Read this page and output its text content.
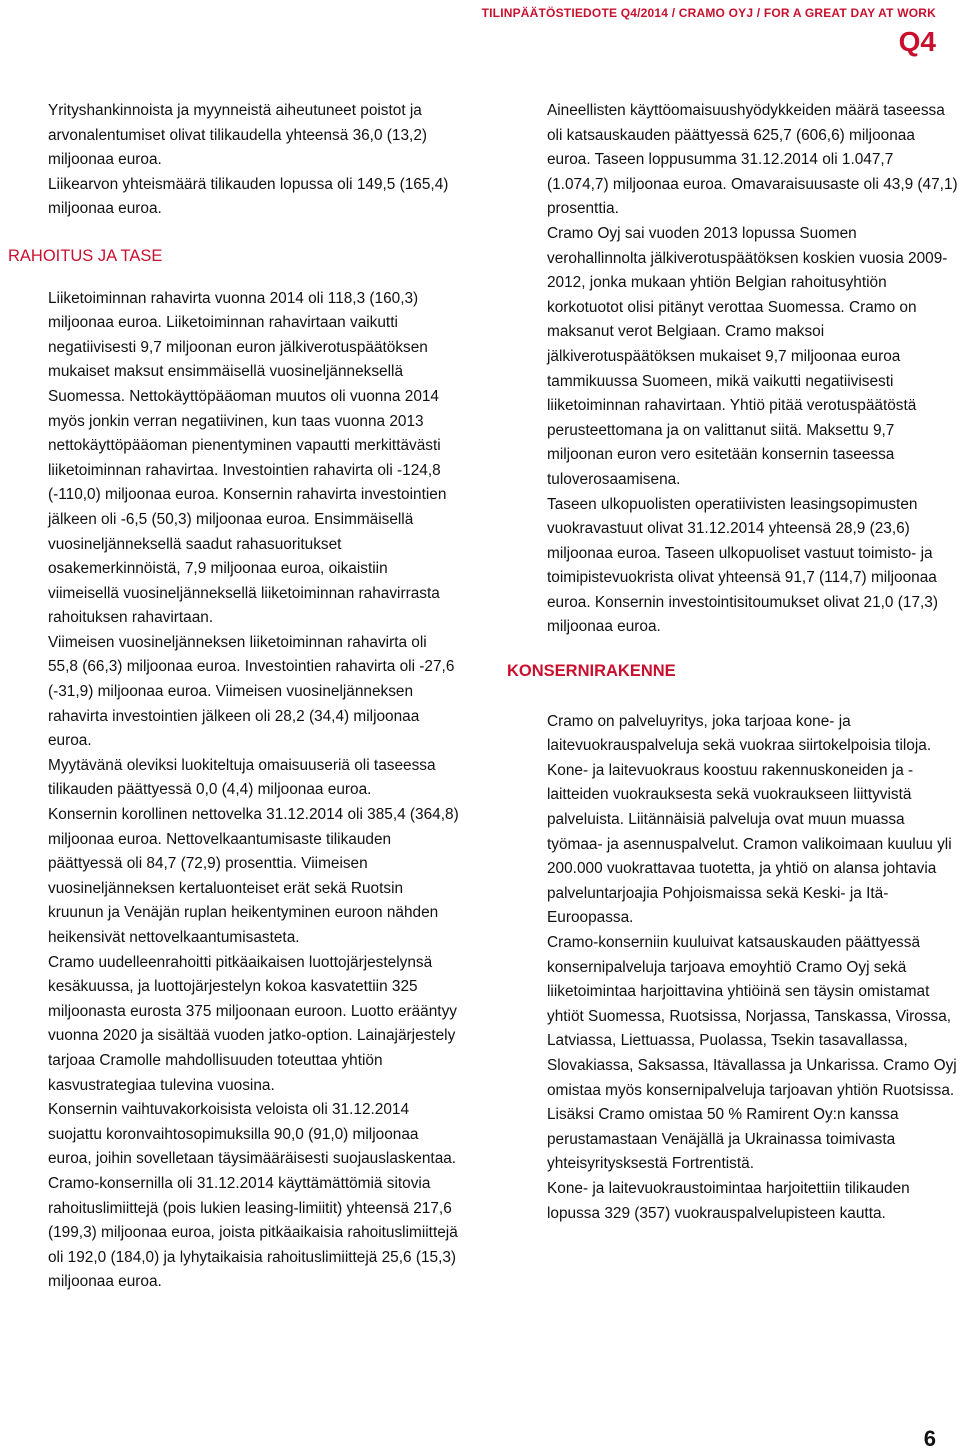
TILINPÄÄTÖSTIEDOTE Q4/2014 / CRAMO OYJ / FOR A GREAT DAY AT WORK
Q4

Yrityshankinnoista ja myynneistä aiheutuneet poistot ja arvonalentumiset olivat tilikaudella yhteensä 36,0 (13,2) miljoonaa euroa.

Liikearvon yhteismäärä tilikauden lopussa oli 149,5 (165,4) miljoonaa euroa.

RAHOITUS JA TASE

Liiketoiminnan rahavirta vuonna 2014 oli 118,3 (160,3) miljoonaa euroa. Liiketoiminnan rahavirtaan vaikutti negatiivisesti 9,7 miljoonan euron jälkiverotuspäätöksen mukaiset maksut ensimmäisellä vuosineljänneksellä Suomessa. Nettokäyttöpääoman muutos oli vuonna 2014 myös jonkin verran negatiivinen, kun taas vuonna 2013 nettokäyttöpääoman pienentyminen vapautti merkittävästi liiketoiminnan rahavirtaa. Investointien rahavirta oli -124,8 (-110,0) miljoonaa euroa. Konsernin rahavirta investointien jälkeen oli -6,5 (50,3) miljoonaa euroa. Ensimmäisellä vuosineljänneksellä saadut rahasuoritukset osakemerkinnöistä, 7,9 miljoonaa euroa, oikaistiin viimeisellä vuosineljänneksellä liiketoiminnan rahavirrasta rahoituksen rahavirtaan.

Viimeisen vuosineljänneksen liiketoiminnan rahavirta oli 55,8 (66,3) miljoonaa euroa. Investointien rahavirta oli -27,6 (-31,9) miljoonaa euroa. Viimeisen vuosineljänneksen rahavirta investointien jälkeen oli 28,2 (34,4) miljoonaa euroa.

Myytävänä oleviksi luokiteltuja omaisuuseriä oli taseessa tilikauden päättyessä 0,0 (4,4) miljoonaa euroa.

Konsernin korollinen nettovelka 31.12.2014 oli 385,4 (364,8) miljoonaa euroa. Nettovelkaantumisaste tilikauden päättyessä oli 84,7 (72,9) prosenttia. Viimeisen vuosineljänneksen kertaluonteiset erät sekä Ruotsin kruunun ja Venäjän ruplan heikentyminen euroon nähden heikensivät nettovelkaantumisasteta.

Cramo uudelleenrahoitti pitkäaikaisen luottojärjestelynsä kesäkuussa, ja luottojärjestelyn kokoa kasvatettiin 325 miljoonasta eurosta 375 miljoonaan euroon. Luotto erääntyy vuonna 2020 ja sisältää vuoden jatko-option. Lainajärjestely tarjoaa Cramolle mahdollisuuden toteuttaa yhtiön kasvustrategiaa tulevina vuosina.

Konsernin vaihtuvakorkoisista veloista oli 31.12.2014 suojattu koronvaihtosopimuksilla 90,0 (91,0) miljoonaa euroa, joihin sovelletaan täysimääräisesti suojauslaskentaa. Cramo-konsernilla oli 31.12.2014 käyttämättömiä sitovia rahoituslimiittejä (pois lukien leasing-limiitit) yhteensä 217,6 (199,3) miljoonaa euroa, joista pitkäaikaisia rahoituslimiittejä oli 192,0 (184,0) ja lyhytaikaisia rahoituslimiittejä 25,6 (15,3) miljoonaa euroa.

Aineellisten käyttöomaisuushyödykkeiden määrä taseessa oli katsauskauden päättyessä 625,7 (606,6) miljoonaa euroa. Taseen loppusumma 31.12.2014 oli 1.047,7 (1.074,7) miljoonaa euroa. Omavaraisuusaste oli 43,9 (47,1) prosenttia.

Cramo Oyj sai vuoden 2013 lopussa Suomen verohallinnolta jälkiverotuspäätöksen koskien vuosia 2009-2012, jonka mukaan yhtiön Belgian rahoitusyhtiön korkotuotot olisi pitänyt verottaa Suomessa. Cramo on maksanut verot Belgiaan. Cramo maksoi jälkiverotuspäätöksen mukaiset 9,7 miljoonaa euroa tammikuussa Suomeen, mikä vaikutti negatiivisesti liiketoiminnan rahavirtaan. Yhtiö pitää verotuspäätöstä perusteettomana ja on valittanut siitä. Maksettu 9,7 miljoonan euron vero esitetään konsernin taseessa tuloverosaamisena.

Taseen ulkopuolisten operatiivisten leasingsopimusten vuokravastuut olivat 31.12.2014 yhteensä 28,9 (23,6) miljoonaa euroa. Taseen ulkopuoliset vastuut toimisto- ja toimipistevuokrista olivat yhteensä 91,7 (114,7) miljoonaa euroa. Konsernin investointisitoumukset olivat 21,0 (17,3) miljoonaa euroa.

KONSERNIRAKENNE

Cramo on palveluyritys, joka tarjoaa kone- ja laitevuokrauspalveluja sekä vuokraa siirtokelpoisia tiloja. Kone- ja laitevuokraus koostuu rakennuskoneiden ja -laitteiden vuokrauksesta sekä vuokraukseen liittyvistä palveluista. Liitännäisiä palveluja ovat muun muassa työmaa- ja asennuspalvelut. Cramon valikoimaan kuuluu yli 200.000 vuokrattavaa tuotetta, ja yhtiö on alansa johtavia palveluntarjoajia Pohjoismaissa sekä Keski- ja Itä-Euroopassa.

Cramo-konserniin kuuluivat katsauskauden päättyessä konsernipalveluja tarjoava emoyhtiö Cramo Oyj sekä liiketoimintaa harjoittavina yhtiöinä sen täysin omistamat yhtiöt Suomessa, Ruotsissa, Norjassa, Tanskassa, Virossa, Latviassa, Liettuassa, Puolassa, Tsekin tasavallassa, Slovakiassa, Saksassa, Itävallassa ja Unkarissa. Cramo Oyj omistaa myös konsernipalveluja tarjoavan yhtiön Ruotsissa.

Lisäksi Cramo omistaa 50 % Ramirent Oy:n kanssa perustamastaan Venäjällä ja Ukrainassa toimivasta yhteisyritysksestä Fortrentistä.

Kone- ja laitevuokraustoimintaa harjoitettiin tilikauden lopussa 329 (357) vuokrauspalvelupisteen kautta.

6
